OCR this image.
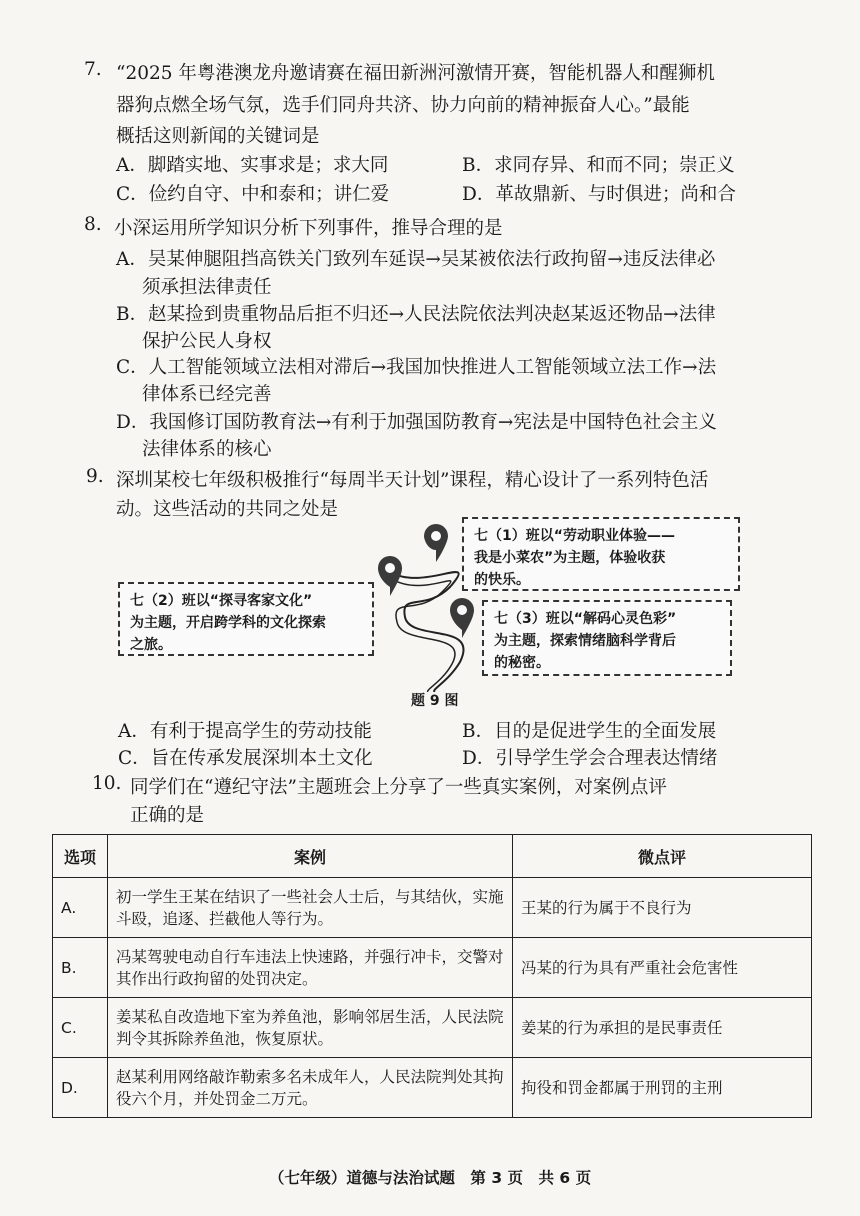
7. “2025 年粤港澳龙舟邀请赛在福田新洲河激情开赛，智能机器人和醒狮机
器狗点燃全场气氛，选手们同舟共济、协力向前的精神振奋人心。”最能
概括这则新闻的关键词是
A．脚踏实地、实事求是；求大同	B．求同存异、和而不同；崇正义
C．俭约自守、中和泰和；讲仁爱	D．革故鼎新、与时俱进；尚和合
8. 小深运用所学知识分析下列事件，推导合理的是
A．吴某伸腿阻挡高铁关门致列车延误→吴某被依法行政拘留→违反法律必
须承担法律责任
B．赵某捡到贵重物品后拒不归还→人民法院依法判决赵某返还物品→法律
保护公民人身权
C．人工智能领域立法相对滞后→我国加快推进人工智能领域立法工作→法
律体系已经完善
D．我国修订国防教育法→有利于加强国防教育→宪法是中国特色社会主义
法律体系的核心
9. 深圳某校七年级积极推行“每周半天计划”课程，精心设计了一系列特色活
动。这些活动的共同之处是
七（1）班以“劳动职业体验——
我是小菜农”为主题，体验收获
的快乐。
七（2）班以“探寻客家文化”
为主题，开启跨学科的文化探索
之旅。
七（3）班以“解码心灵色彩”
为主题，探索情绪脑科学背后
的秘密。
题 9 图
A．有利于提高学生的劳动技能	B．目的是促进学生的全面发展
C．旨在传承发展深圳本土文化	D．引导学生学会合理表达情绪
10. 同学们在“遵纪守法”主题班会上分享了一些真实案例，对案例点评
正确的是
选项	案例	微点评
A.	初一学生王某在结识了一些社会人士后，与其结伙，实施斗殴，追逐、拦截他人等行为。	王某的行为属于不良行为
B.	冯某驾驶电动自行车违法上快速路，并强行冲卡，交警对其作出行政拘留的处罚决定。	冯某的行为具有严重社会危害性
C.	姜某私自改造地下室为养鱼池，影响邻居生活，人民法院判令其拆除养鱼池，恢复原状。	姜某的行为承担的是民事责任
D.	赵某利用网络敲诈勒索多名未成年人，人民法院判处其拘役六个月，并处罚金二万元。	拘役和罚金都属于刑罚的主刑
（七年级）道德与法治试题　第 3 页　共 6 页
